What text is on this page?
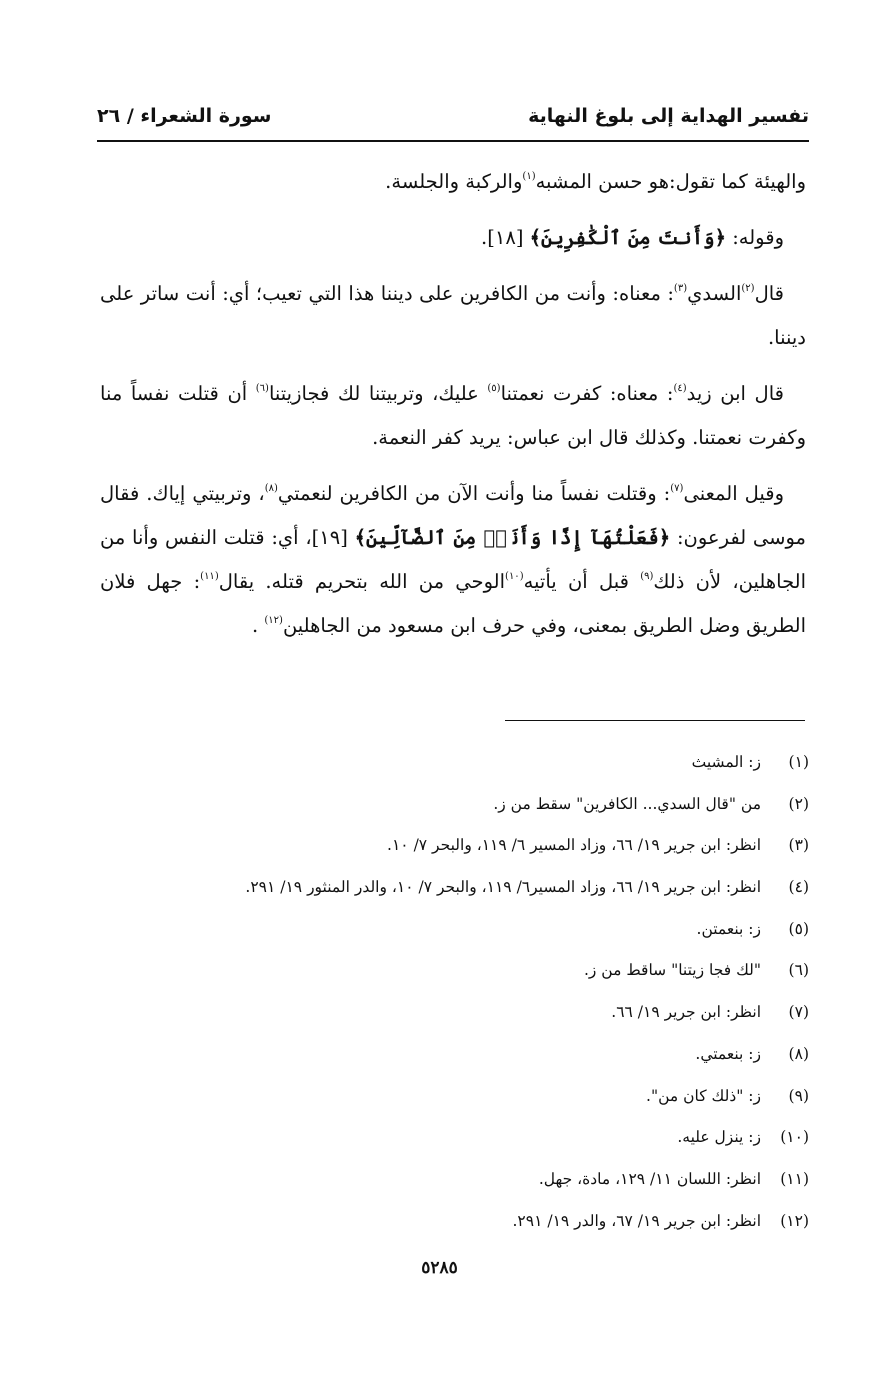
تفسير الهداية إلى بلوغ النهاية
سورة الشعراء / ٢٦

والهيئة كما تقول:هو حسن المشبه$^{(١)}$والركبة والجلسة.

وقوله: ﴿وَأَنتَ مِنَ ٱلْكَٰفِرِينَ﴾ [١٨].

قال$^{(٢)}$السدي$^{(٣)}$: معناه: وأنت من الكافرين على ديننا هذا التي تعيب؛ أي: أنت ساتر على ديننا.

قال ابن زيد$^{(٤)}$: معناه: كفرت نعمتنا$^{(٥)}$ عليك، وتربيتنا لك فجازيتنا$^{(٦)}$ أن قتلت نفساً منا وكفرت نعمتنا. وكذلك قال ابن عباس: يريد كفر النعمة.

وقيل المعنى$^{(٧)}$: وقتلت نفساً منا وأنت الآن من الكافرين لنعمتي$^{(٨)}$، وتربيتي إياك. فقال موسى لفرعون: ﴿فَعَلْتُهَآ إِذًا وَأَنَا۠ مِنَ ٱلضَّآلِّينَ﴾ [١٩]، أي: قتلت النفس وأنا من الجاهلين، لأن ذلك$^{(٩)}$ قبل أن يأتيه$^{(١٠)}$الوحي من الله بتحريم قتله. يقال$^{(١١)}$: جهل فلان الطريق وضل الطريق بمعنى، وفي حرف ابن مسعود من الجاهلين$^{(١٢)}$ .

(١)ز: المشيث
(٢)من "قال السدي... الكافرين" سقط من ز.
(٣)انظر: ابن جرير ١٩/ ٦٦، وزاد المسير ٦/ ١١٩، والبحر ٧/ ١٠.
(٤)انظر: ابن جرير ١٩/ ٦٦، وزاد المسير٦/ ١١٩، والبحر ٧/ ١٠، والدر المنثور ١٩/ ٢٩١.
(٥)ز: بنعمتن.
(٦)"لك فجا زيتنا" ساقط من ز.
(٧)انظر: ابن جرير ١٩/ ٦٦.
(٨)ز: بنعمتي.
(٩)ز: "ذلك كان من".
(١٠)ز: ينزل عليه.
(١١)انظر: اللسان ١١/ ١٢٩، مادة، جهل.
(١٢)انظر: ابن جرير ١٩/ ٦٧، والدر ١٩/ ٢٩١.
٥٢٨٥
